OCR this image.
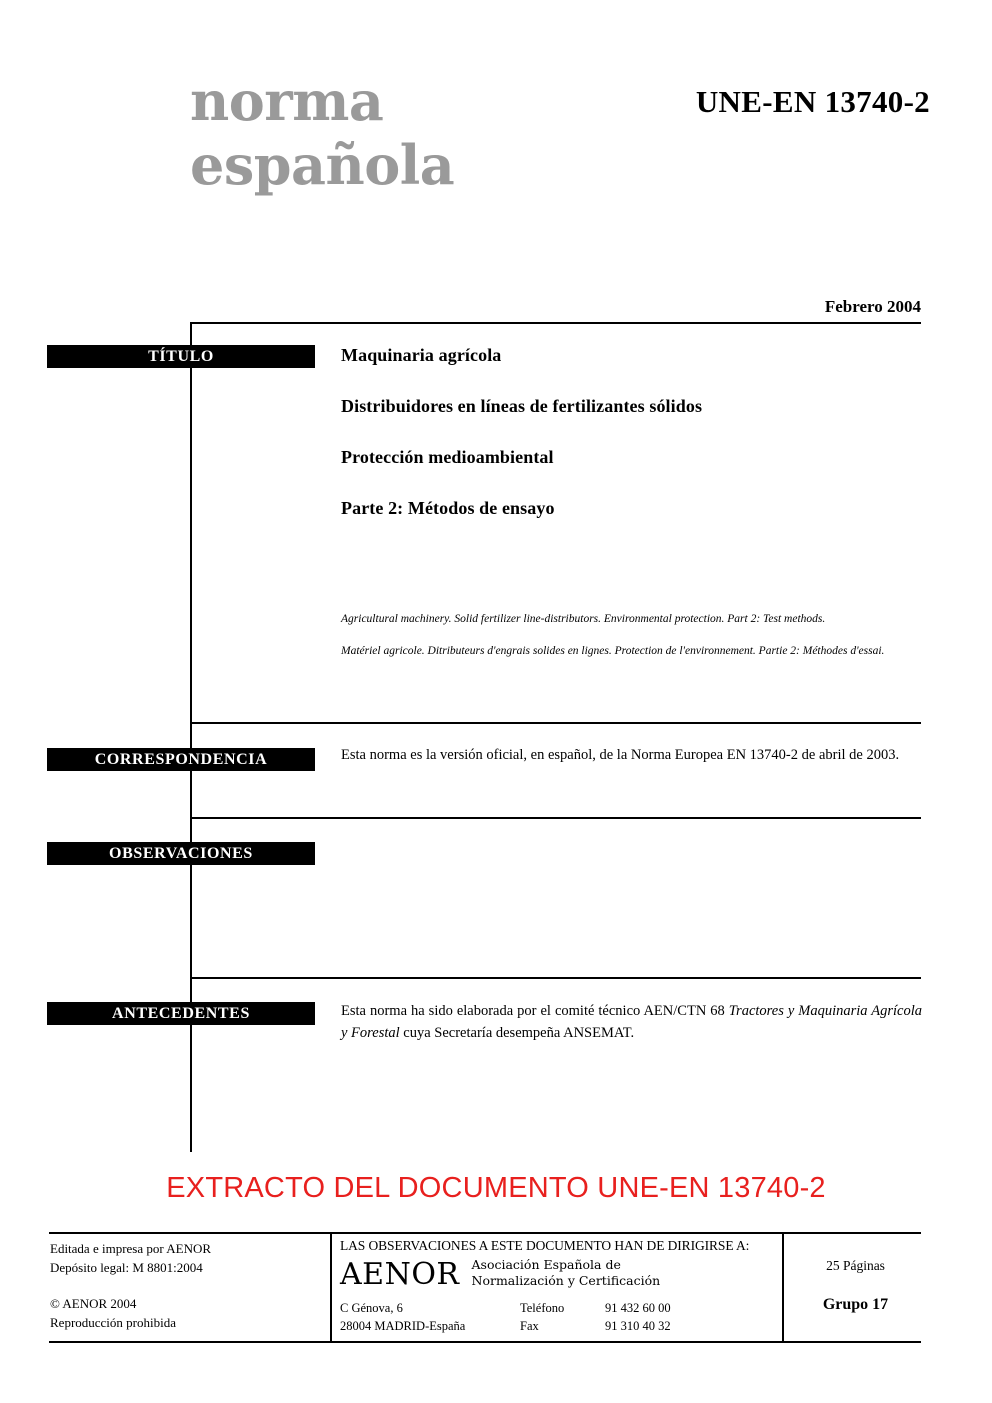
norma
española
UNE-EN 13740-2
Febrero 2004
TÍTULO
CORRESPONDENCIA
OBSERVACIONES
ANTECEDENTES
Maquinaria agrícola
Distribuidores en líneas de fertilizantes sólidos
Protección medioambiental
Parte 2: Métodos de ensayo
Agricultural machinery. Solid fertilizer line-distributors. Environmental protection. Part 2: Test methods.
Matériel agricole. Ditributeurs d'engrais solides en lignes. Protection de l'environnement. Partie 2: Méthodes d'essai.
Esta norma es la versión oficial, en español, de la Norma Europea EN 13740-2 de abril de 2003.
Esta norma ha sido elaborada por el comité técnico AEN/CTN 68 Tractores y Maquinaria Agrícola y Forestal cuya Secretaría desempeña ANSEMAT.
EXTRACTO DEL DOCUMENTO UNE-EN 13740-2
Editada e impresa por AENOR
Depósito legal: M 8801:2004
© AENOR 2004
Reproducción prohibida
LAS OBSERVACIONES A ESTE DOCUMENTO HAN DE DIRIGIRSE A:
AENOR Asociación Española de
Normalización y Certificación
C Génova, 6
28004 MADRID-España
Teléfono
Fax
91 432 60 00
91 310 40 32
25 Páginas
Grupo 17
